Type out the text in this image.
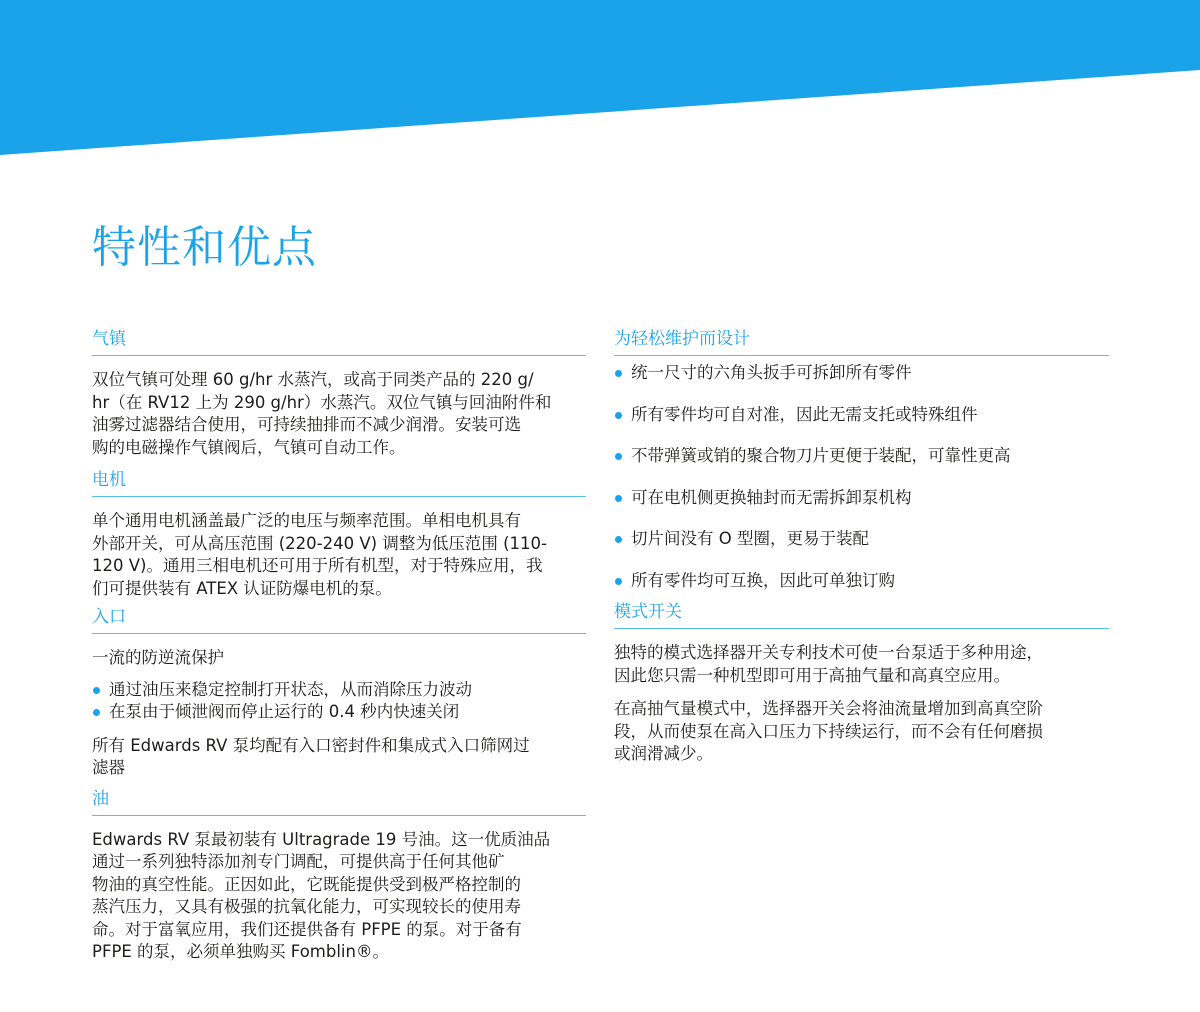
特性和优点
气镇
双位气镇可处理 60 g/hr 水蒸汽，或高于同类产品的 220 g/
hr（在 RV12 上为 290 g/hr）水蒸汽。双位气镇与回油附件和
油雾过滤器结合使用，可持续抽排而不减少润滑。安装可选
购的电磁操作气镇阀后，气镇可自动工作。
电机
单个通用电机涵盖最广泛的电压与频率范围。单相电机具有
外部开关，可从高压范围 (220-240 V) 调整为低压范围 (110-
120 V)。通用三相电机还可用于所有机型，对于特殊应用，我
们可提供装有 ATEX 认证防爆电机的泵。
入口
一流的防逆流保护
通过油压来稳定控制打开状态，从而消除压力波动
在泵由于倾泄阀而停止运行的 0.4 秒内快速关闭
所有 Edwards RV 泵均配有入口密封件和集成式入口筛网过
滤器
油
Edwards RV 泵最初装有 Ultragrade 19 号油。这一优质油品
通过一系列独特添加剂专门调配，可提供高于任何其他矿
物油的真空性能。正因如此，它既能提供受到极严格控制的
蒸汽压力，又具有极强的抗氧化能力，可实现较长的使用寿
命。对于富氧应用，我们还提供备有 PFPE 的泵。对于备有
PFPE 的泵，必须单独购买 Fomblin®。
为轻松维护而设计
统一尺寸的六角头扳手可拆卸所有零件
所有零件均可自对准，因此无需支托或特殊组件
不带弹簧或销的聚合物刀片更便于装配，可靠性更高
可在电机侧更换轴封而无需拆卸泵机构
切片间没有 O 型圈，更易于装配
所有零件均可互换，因此可单独订购
模式开关
独特的模式选择器开关专利技术可使一台泵适于多种用途，
因此您只需一种机型即可用于高抽气量和高真空应用。
在高抽气量模式中，选择器开关会将油流量增加到高真空阶
段，从而使泵在高入口压力下持续运行，而不会有任何磨损
或润滑减少。
